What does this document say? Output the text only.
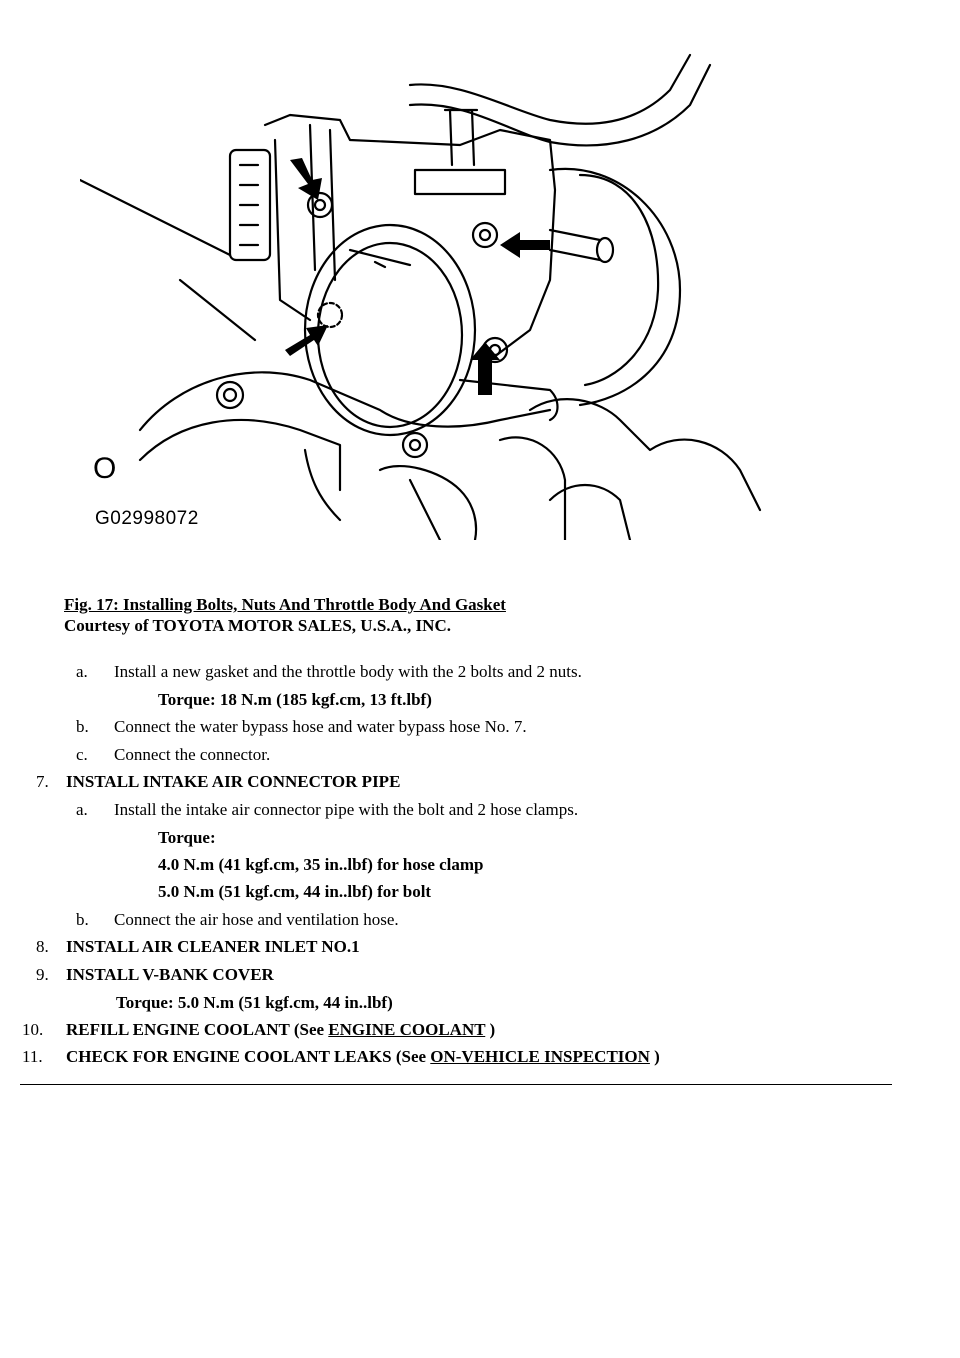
O
G02998072
Fig. 17: Installing Bolts, Nuts And Throttle Body And Gasket
Courtesy of TOYOTA MOTOR SALES, U.S.A., INC.
a. Install a new gasket and the throttle body with the 2 bolts and 2 nuts.
Torque: 18 N.m (185 kgf.cm, 13 ft.lbf)
b. Connect the water bypass hose and water bypass hose No. 7.
c. Connect the connector.
7. INSTALL INTAKE AIR CONNECTOR PIPE
a. Install the intake air connector pipe with the bolt and 2 hose clamps.
Torque:
4.0 N.m (41 kgf.cm, 35 in..lbf) for hose clamp
5.0 N.m (51 kgf.cm, 44 in..lbf) for bolt
b. Connect the air hose and ventilation hose.
8. INSTALL AIR CLEANER INLET NO.1
9. INSTALL V-BANK COVER
Torque: 5.0 N.m (51 kgf.cm, 44 in..lbf)
10. REFILL ENGINE COOLANT (See ENGINE COOLANT )
11. CHECK FOR ENGINE COOLANT LEAKS (See ON-VEHICLE INSPECTION )
